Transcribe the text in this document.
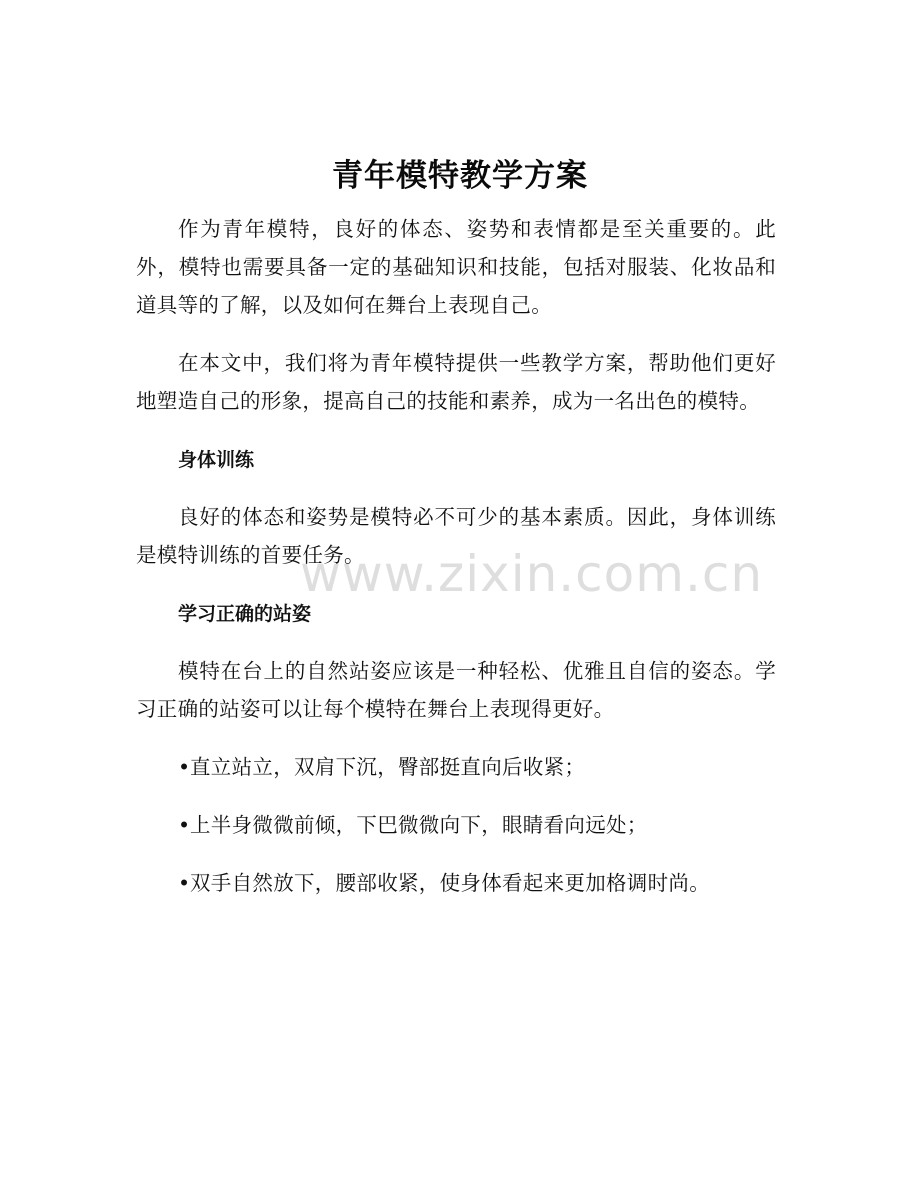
青年模特教学方案

作为青年模特，良好的体态、姿势和表情都是至关重要的。此外，模特也需要具备一定的基础知识和技能，包括对服装、化妆品和道具等的了解，以及如何在舞台上表现自己。

在本文中，我们将为青年模特提供一些教学方案，帮助他们更好地塑造自己的形象，提高自己的技能和素养，成为一名出色的模特。

身体训练

良好的体态和姿势是模特必不可少的基本素质。因此，身体训练是模特训练的首要任务。

学习正确的站姿

模特在台上的自然站姿应该是一种轻松、优雅且自信的姿态。学习正确的站姿可以让每个模特在舞台上表现得更好。

•直立站立，双肩下沉，臀部挺直向后收紧；
•上半身微微前倾，下巴微微向下，眼睛看向远处；
•双手自然放下，腰部收紧，使身体看起来更加格调时尚。
www.zixin.com.cn
